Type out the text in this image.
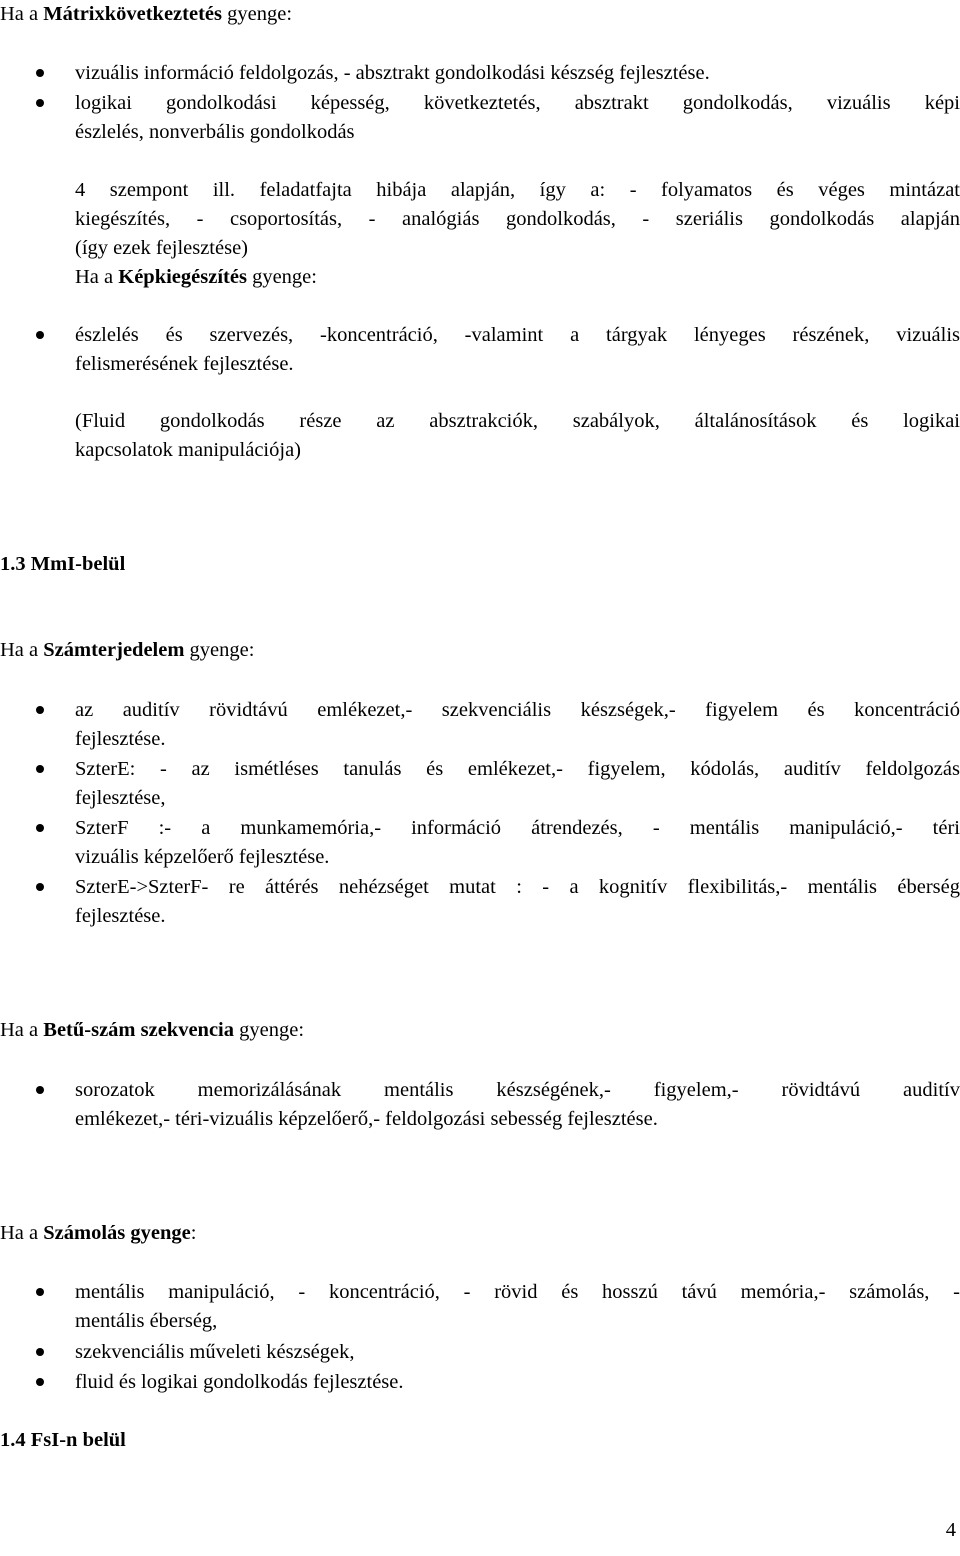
Ha a Mátrixkövetkeztetés gyenge:
vizuális információ feldolgozás, - absztrakt gondolkodási készség fejlesztése.
logikai gondolkodási képesség, következtetés, absztrakt gondolkodás, vizuális képi
észlelés, nonverbális gondolkodás
4 szempont ill. feladatfajta hibája alapján, így a: - folyamatos és véges mintázat
kiegészítés, - csoportosítás, - analógiás gondolkodás, - szeriális gondolkodás alapján
(így ezek fejlesztése)
Ha a Képkiegészítés gyenge:
észlelés és szervezés, -koncentráció, -valamint a tárgyak lényeges részének, vizuális
felismerésének fejlesztése.
(Fluid gondolkodás része az absztrakciók, szabályok, általánosítások és logikai
kapcsolatok manipulációja)
1.3 MmI-belül
Ha a Számterjedelem gyenge:
az auditív rövidtávú emlékezet,- szekvenciális készségek,- figyelem és koncentráció
fejlesztése.
SzterE: - az ismétléses tanulás és emlékezet,- figyelem, kódolás, auditív feldolgozás
fejlesztése,
SzterF :- a munkamemória,- információ átrendezés, - mentális manipuláció,- téri
vizuális képzelőerő fejlesztése.
SzterE->SzterF- re áttérés nehézséget mutat : - a kognitív flexibilitás,- mentális éberség
fejlesztése.
Ha a Betű-szám szekvencia gyenge:
sorozatok memorizálásának mentális készségének,- figyelem,- rövidtávú auditív
emlékezet,- téri-vizuális képzelőerő,- feldolgozási sebesség fejlesztése.
Ha a Számolás gyenge:
mentális manipuláció, - koncentráció, - rövid és hosszú távú memória,- számolás, -
mentális éberség,
szekvenciális műveleti készségek,
fluid és logikai gondolkodás fejlesztése.
1.4 FsI-n belül
4
